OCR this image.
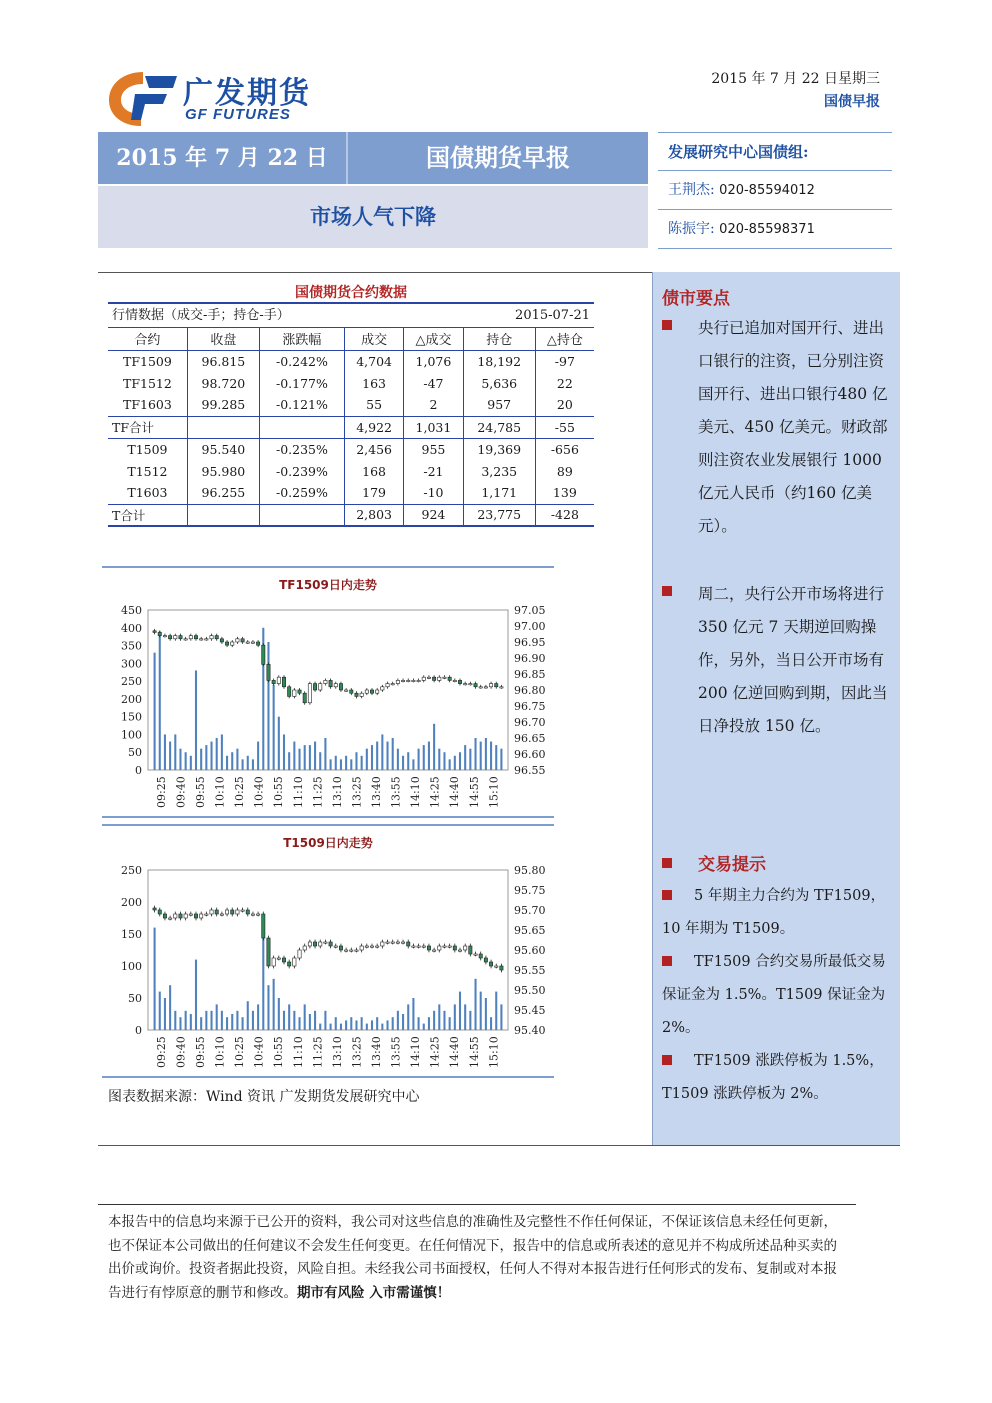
广发期货
GF FUTURES
2015 年 7 月 22 日星期三
国债早报
2015 年 7 月 22 日	国债期货早报
市场人气下降
发展研究中心国债组:
王荆杰: 020-85594012
陈振宇: 020-85598371
国债期货合约数据
行情数据（成交-手；持仓-手）	2015-07-21
合约	收盘	涨跌幅	成交	△成交	持仓	△持仓
TF1509	96.815	-0.242%	4,704	1,076	18,192	-97
TF1512	98.720	-0.177%	163	-47	5,636	22
TF1603	99.285	-0.121%	55	2	957	20
TF合计			4,922	1,031	24,785	-55
T1509	95.540	-0.235%	2,456	955	19,369	-656
T1512	95.980	-0.239%	168	-21	3,235	89
T1603	96.255	-0.259%	179	-10	1,171	139
T合计			2,803	924	23,775	-428
TF1509日内走势
450
400
350
300
250
200
150
100
50
0
97.05
97.00
96.95
96.90
96.85
96.80
96.75
96.70
96.65
96.60
96.55
09:25 09:40 09:55 10:10 10:25 10:40 10:55 11:10 11:25 13:10 13:25 13:40 13:55 14:10 14:25 14:40 14:55 15:10
T1509日内走势
250
200
150
100
50
0
95.80
95.75
95.70
95.65
95.60
95.55
95.50
95.45
95.40
09:25 09:40 09:55 10:10 10:25 10:40 10:55 11:10 11:25 13:10 13:25 13:40 13:55 14:10 14:25 14:40 14:55 15:10
图表数据来源：Wind 资讯 广发期货发展研究中心
债市要点
央行已追加对国开行、进出口银行的注资，已分别注资国开行、进出口银行480 亿美元、450 亿美元。财政部则注资农业发展银行 1000 亿元人民币（约160 亿美元）。
周二，央行公开市场将进行 350 亿元 7 天期逆回购操作，另外，当日公开市场有 200 亿逆回购到期，因此当日净投放 150 亿。
交易提示
5 年期主力合约为 TF1509，10 年期为 T1509。
TF1509 合约交易所最低交易保证金为 1.5%。T1509 保证金为 2%。
TF1509 涨跌停板为 1.5%，T1509 涨跌停板为 2%。
本报告中的信息均来源于已公开的资料，我公司对这些信息的准确性及完整性不作任何保证，不保证该信息未经任何更新，也不保证本公司做出的任何建议不会发生任何变更。在任何情况下，报告中的信息或所表述的意见并不构成所述品种买卖的出价或询价。投资者据此投资，风险自担。未经我公司书面授权，任何人不得对本报告进行任何形式的发布、复制或对本报告进行有悖原意的删节和修改。期市有风险 入市需谨慎！
